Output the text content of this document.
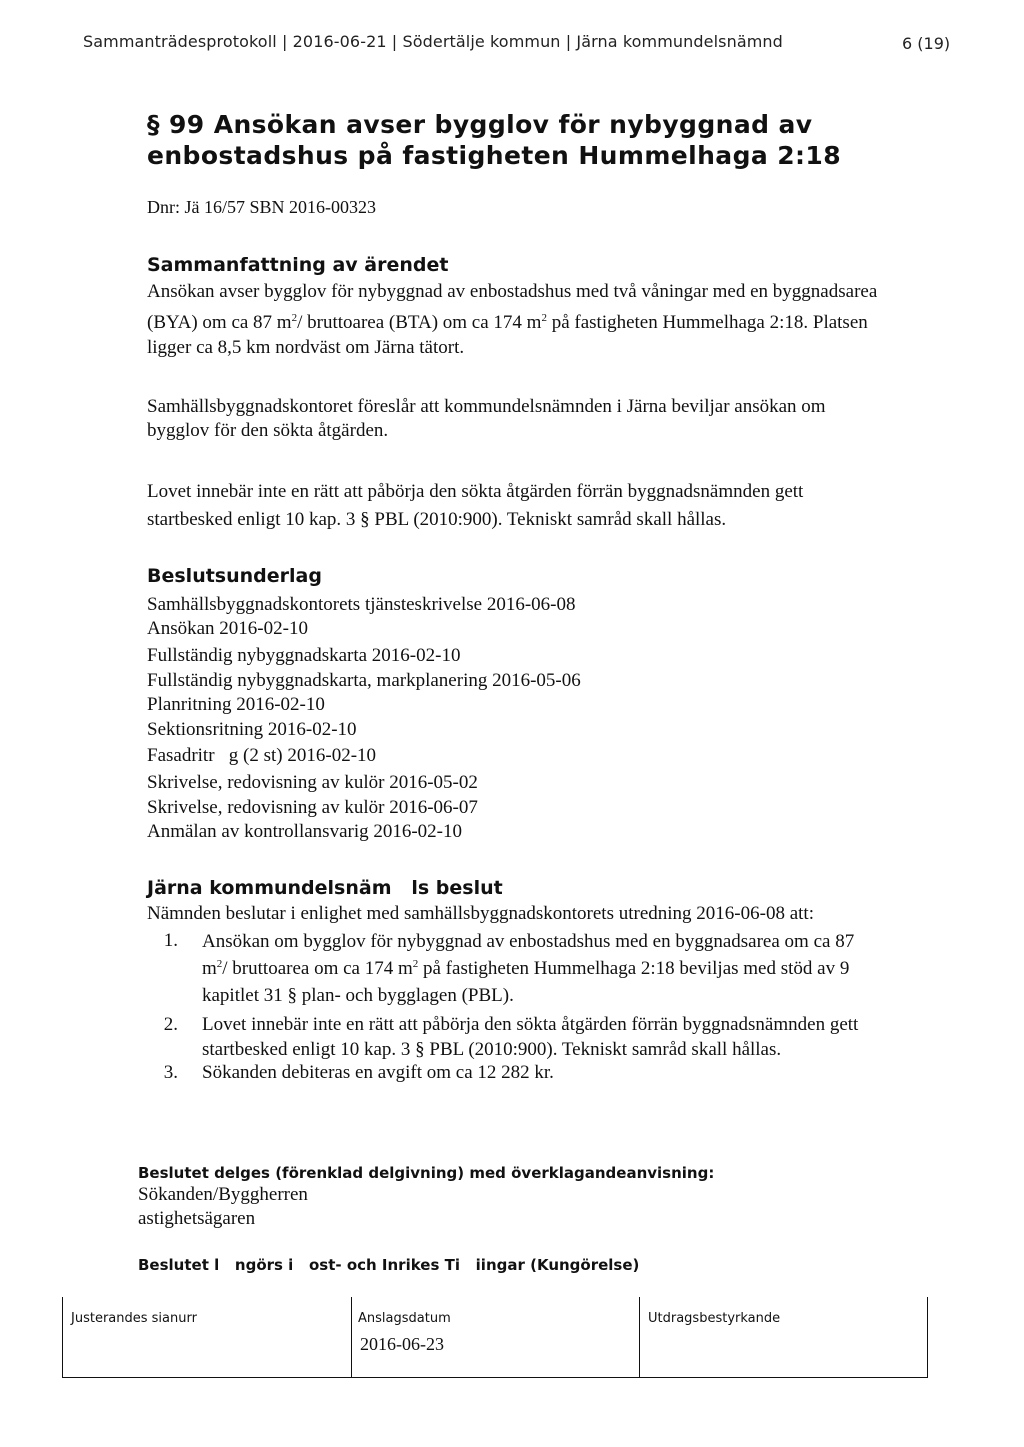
Sammanträdesprotokoll | 2016-06-21 | Södertälje kommun | Järna kommundelsnämnd	6 (19)
§ 99 Ansökan avser bygglov för nybyggnad av
enbostadshus på fastigheten Hummelhaga 2:18
Dnr: Jä 16/57 SBN 2016-00323
Sammanfattning av ärendet
Ansökan avser bygglov för nybyggnad av enbostadshus med två våningar med en byggnadsarea
(BYA) om ca 87 $m^2/$ bruttoarea (BTA) om ca 174 $m^2$ på fastigheten Hummelhaga 2:18. Platsen
ligger ca 8,5 km nordväst om Järna tätort.
Samhällsbyggnadskontoret föreslår att kommundelsnämnden i Järna beviljar ansökan om
bygglov för den sökta åtgärden.
Lovet innebär inte en rätt att påbörja den sökta åtgärden förrän byggnadsnämnden gett
startbesked enligt 10 kap. 3 § PBL (2010:900). Tekniskt samråd skall hållas.
Beslutsunderlag
Samhällsbyggnadskontorets tjänsteskrivelse 2016-06-08
Ansökan 2016-02-10
Fullständig nybyggnadskarta 2016-02-10
Fullständig nybyggnadskarta, markplanering 2016-05-06
Planritning 2016-02-10
Sektionsritning 2016-02-10
Fasadritr   g (2 st) 2016-02-10
Skrivelse, redovisning av kulör 2016-05-02
Skrivelse, redovisning av kulör 2016-06-07
Anmälan av kontrollansvarig 2016-02-10
Järna kommundelsnäm   ls beslut
Nämnden beslutar i enlighet med samhällsbyggnadskontorets utredning 2016-06-08 att:
1. Ansökan om bygglov för nybyggnad av enbostadshus med en byggnadsarea om ca 87
$m^2/$ bruttoarea om ca 174 $m^2$ på fastigheten Hummelhaga 2:18 beviljas med stöd av 9
kapitlet 31 § plan- och bygglagen (PBL).
2. Lovet innebär inte en rätt att påbörja den sökta åtgärden förrän byggnadsnämnden gett
startbesked enligt 10 kap. 3 § PBL (2010:900). Tekniskt samråd skall hållas.
3. Sökanden debiteras en avgift om ca 12 282 kr.
Beslutet delges (förenklad delgivning) med överklagandeanvisning:
Sökanden/Byggherren
astighetsägaren
Beslutet l   ngörs i   ost- och Inrikes Ti   iingar (Kungörelse)
Justerandes sianurr	Anslagsdatum
2016-06-23
Utdragsbestyrkande
